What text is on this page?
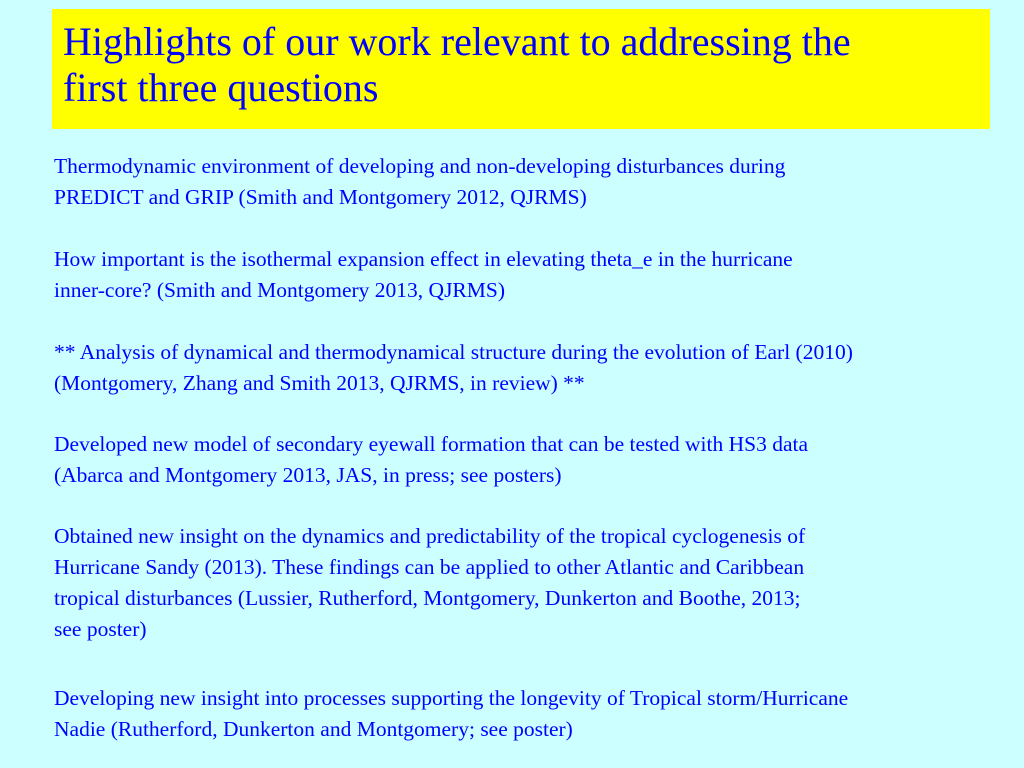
Highlights of our work relevant to addressing the
first three questions

Thermodynamic environment of developing and non-developing disturbances during
PREDICT and GRIP (Smith and Montgomery 2012, QJRMS)

How important is the isothermal expansion effect in elevating theta_e in the hurricane
inner-core? (Smith and Montgomery 2013, QJRMS)

** Analysis of dynamical and thermodynamical structure during the evolution of Earl (2010)
(Montgomery, Zhang and Smith 2013, QJRMS, in review) **

Developed new model of secondary eyewall formation that can be tested with HS3 data
(Abarca and Montgomery 2013, JAS, in press; see posters)

Obtained new insight on the dynamics and predictability of the tropical cyclogenesis of
Hurricane Sandy (2013). These findings can be applied to other Atlantic and Caribbean
tropical disturbances (Lussier, Rutherford, Montgomery, Dunkerton and Boothe, 2013;
see poster)

Developing new insight into processes supporting the longevity of Tropical storm/Hurricane
Nadie (Rutherford, Dunkerton and Montgomery; see poster)
